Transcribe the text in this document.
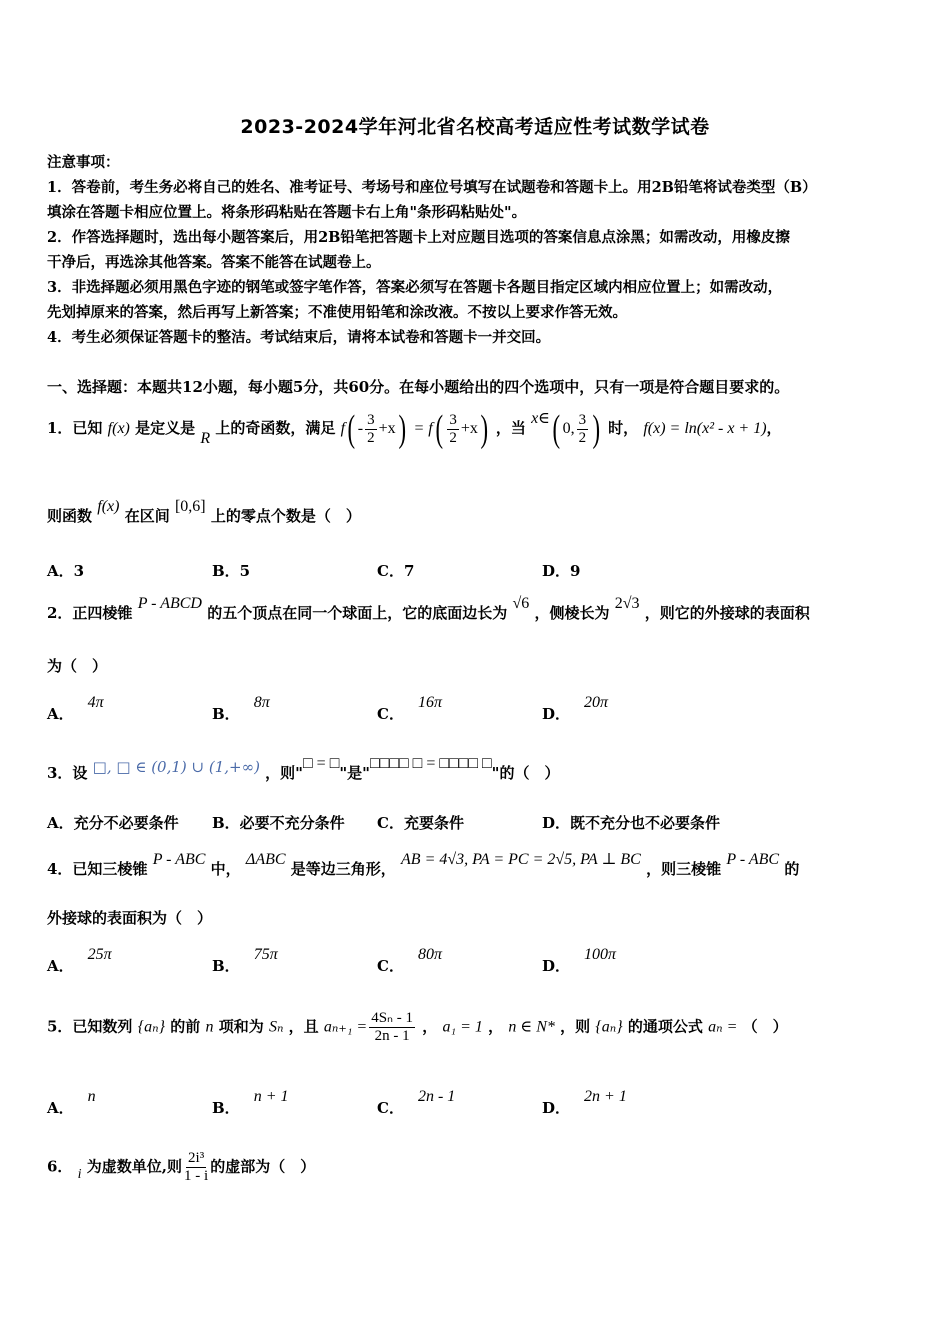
2023-2024学年河北省名校高考适应性考试数学试卷

注意事项：

1．答卷前，考生务必将自己的姓名、准考证号、考场号和座位号填写在试题卷和答题卡上。用2B铅笔将试卷类型（B）

填涂在答题卡相应位置上。将条形码粘贴在答题卡右上角"条形码粘贴处"。

2．作答选择题时，选出每小题答案后，用2B铅笔把答题卡上对应题目选项的答案信息点涂黑；如需改动，用橡皮擦

干净后，再选涂其他答案。答案不能答在试题卷上。

3．非选择题必须用黑色字迹的钢笔或签字笔作答，答案必须写在答题卡各题目指定区域内相应位置上；如需改动，

先划掉原来的答案，然后再写上新答案；不准使用铅笔和涂改液。不按以上要求作答无效。

4．考生必须保证答题卡的整洁。考试结束后，请将本试卷和答题卡一并交回。

一、选择题：本题共12小题，每小题5分，共60分。在每小题给出的四个选项中，只有一项是符合题目要求的。
1．已知 f(x) 是定义是 R 上的奇函数，满足 $f( - \frac{3}{2} +x) = f( \frac{3}{2} +x)$ ，当 x∈( 0, $\frac{3}{2}$ ) 时， f(x) = ln(x² - x + 1)，
则函数 f(x) 在区间 [0,6] 上的零点个数是（　）
A．3	B．5	C．7	D．9
2．正四棱锥 P - ABCD 的五个顶点在同一个球面上，它的底面边长为 √6 ，侧棱长为 2√3 ，则它的外接球的表面积
为（　）
A．4π
B．8π
C．16π
D．20π
3．设 □, □ ∈ (0,1) ∪ (1,+∞) ，则"□ = □"是"□□□□ □ = □□□□ □"的（　）
A．充分不必要条件 B．必要不充分条件 C．充要条件	D．既不充分也不必要条件
4．已知三棱锥 P - ABC 中， ΔABC 是等边三角形， AB = 4√3, PA = PC = 2√5, PA ⊥ BC ，则三棱锥 P - ABC 的
外接球的表面积为（　）
A．25π
B．75π
C．80π
D．100π
5．已知数列 {aₙ} 的前 n 项和为 Sₙ ，且 $a_{n+1} = \frac{\text{4Sₙ - 1}}{2n - 1}$ ， a₁ = 1 ， n ∈ N* ，则 {aₙ} 的通项公式 aₙ = （　）
A．n
B．n + 1
C．2n - 1
D．2n + 1
6． i 为虚数单位,则 $\frac{\text{2i³}}{1 - i}$ 的虚部为（　）
